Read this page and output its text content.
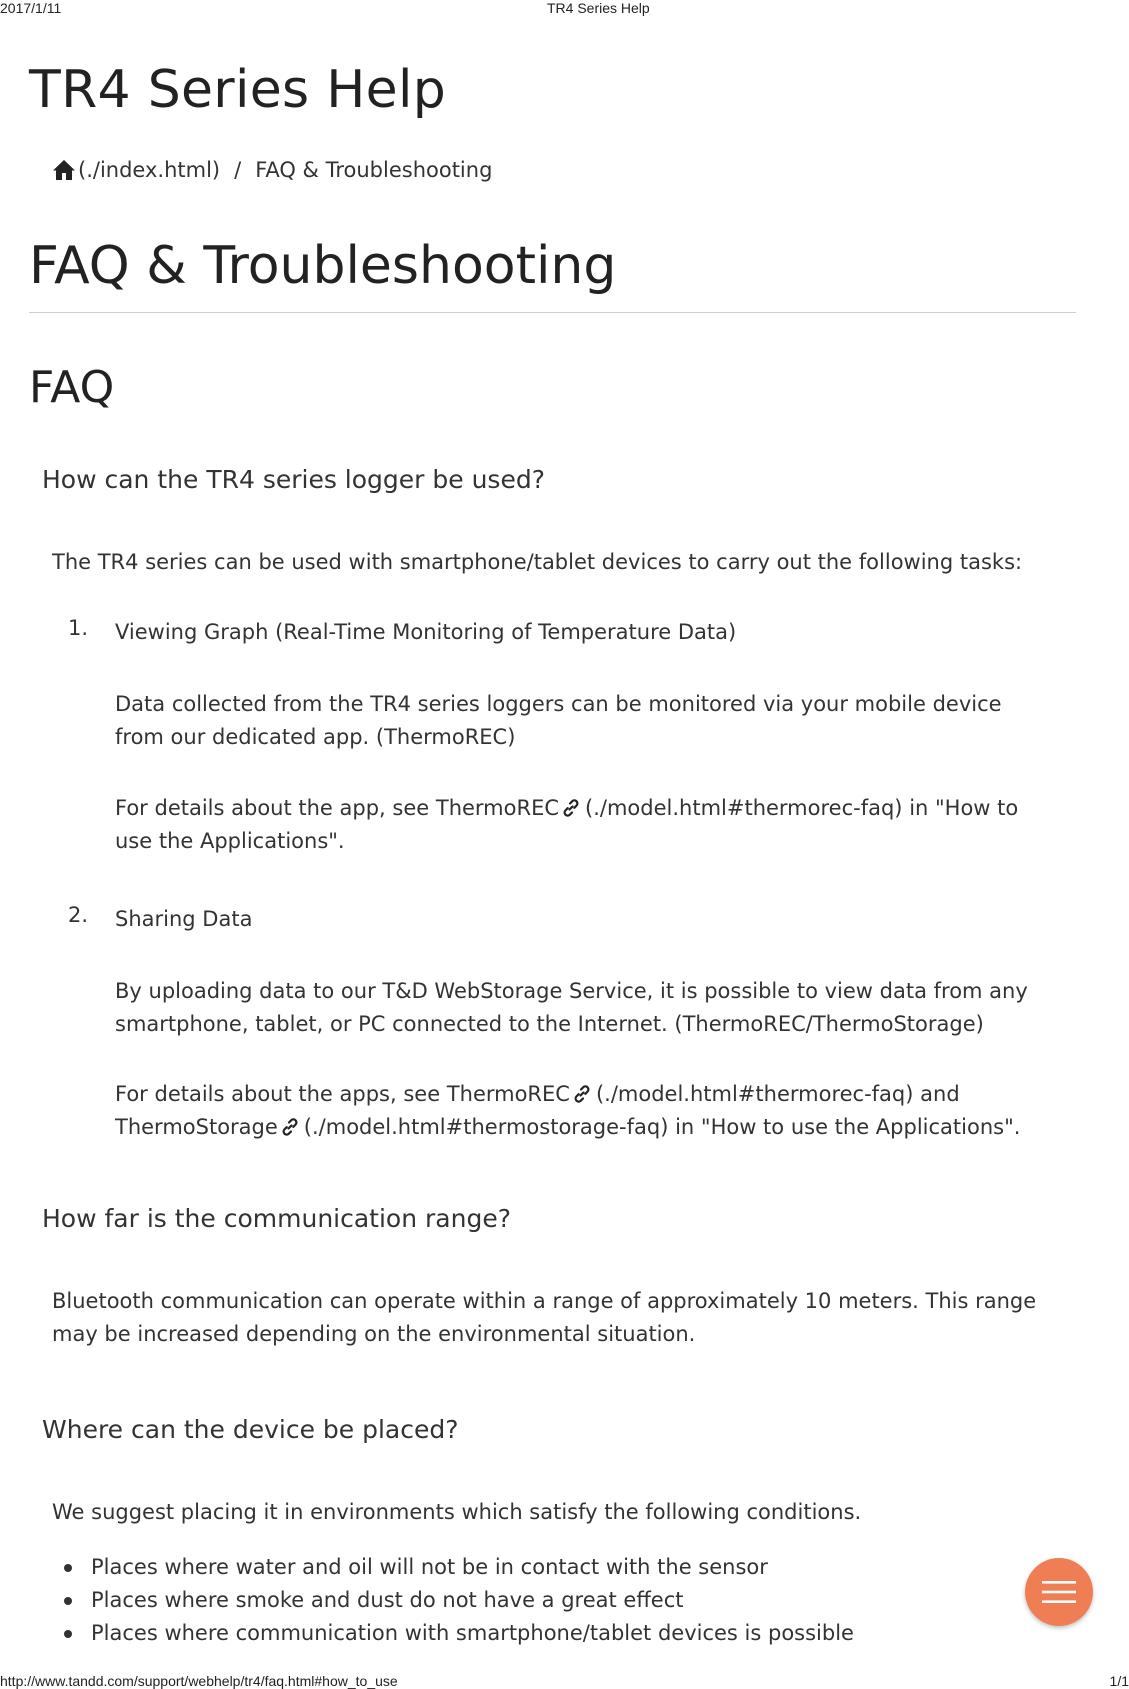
2017/1/11	TR4 Series Help
TR4 Series Help
(./index.html) / FAQ & Troubleshooting
FAQ & Troubleshooting
FAQ
How can the TR4 series logger be used?

The TR4 series can be used with smartphone/tablet devices to carry out the following tasks:

1. Viewing Graph (Real-Time Monitoring of Temperature Data)

Data collected from the TR4 series loggers can be monitored via your mobile device from our dedicated app. (ThermoREC)

For details about the app, see ThermoREC (./model.html#thermorec-faq) in "How to use the Applications".

2. Sharing Data

By uploading data to our T&D WebStorage Service, it is possible to view data from any smartphone, tablet, or PC connected to the Internet. (ThermoREC/ThermoStorage)

For details about the apps, see ThermoREC (./model.html#thermorec-faq) and ThermoStorage (./model.html#thermostorage-faq) in "How to use the Applications".

How far is the communication range?

Bluetooth communication can operate within a range of approximately 10 meters. This range may be increased depending on the environmental situation.

Where can the device be placed?

We suggest placing it in environments which satisfy the following conditions.

Places where water and oil will not be in contact with the sensor
Places where smoke and dust do not have a great effect
Places where communication with smartphone/tablet devices is possible
http://www.tandd.com/support/webhelp/tr4/faq.html#how_to_use	1/1
